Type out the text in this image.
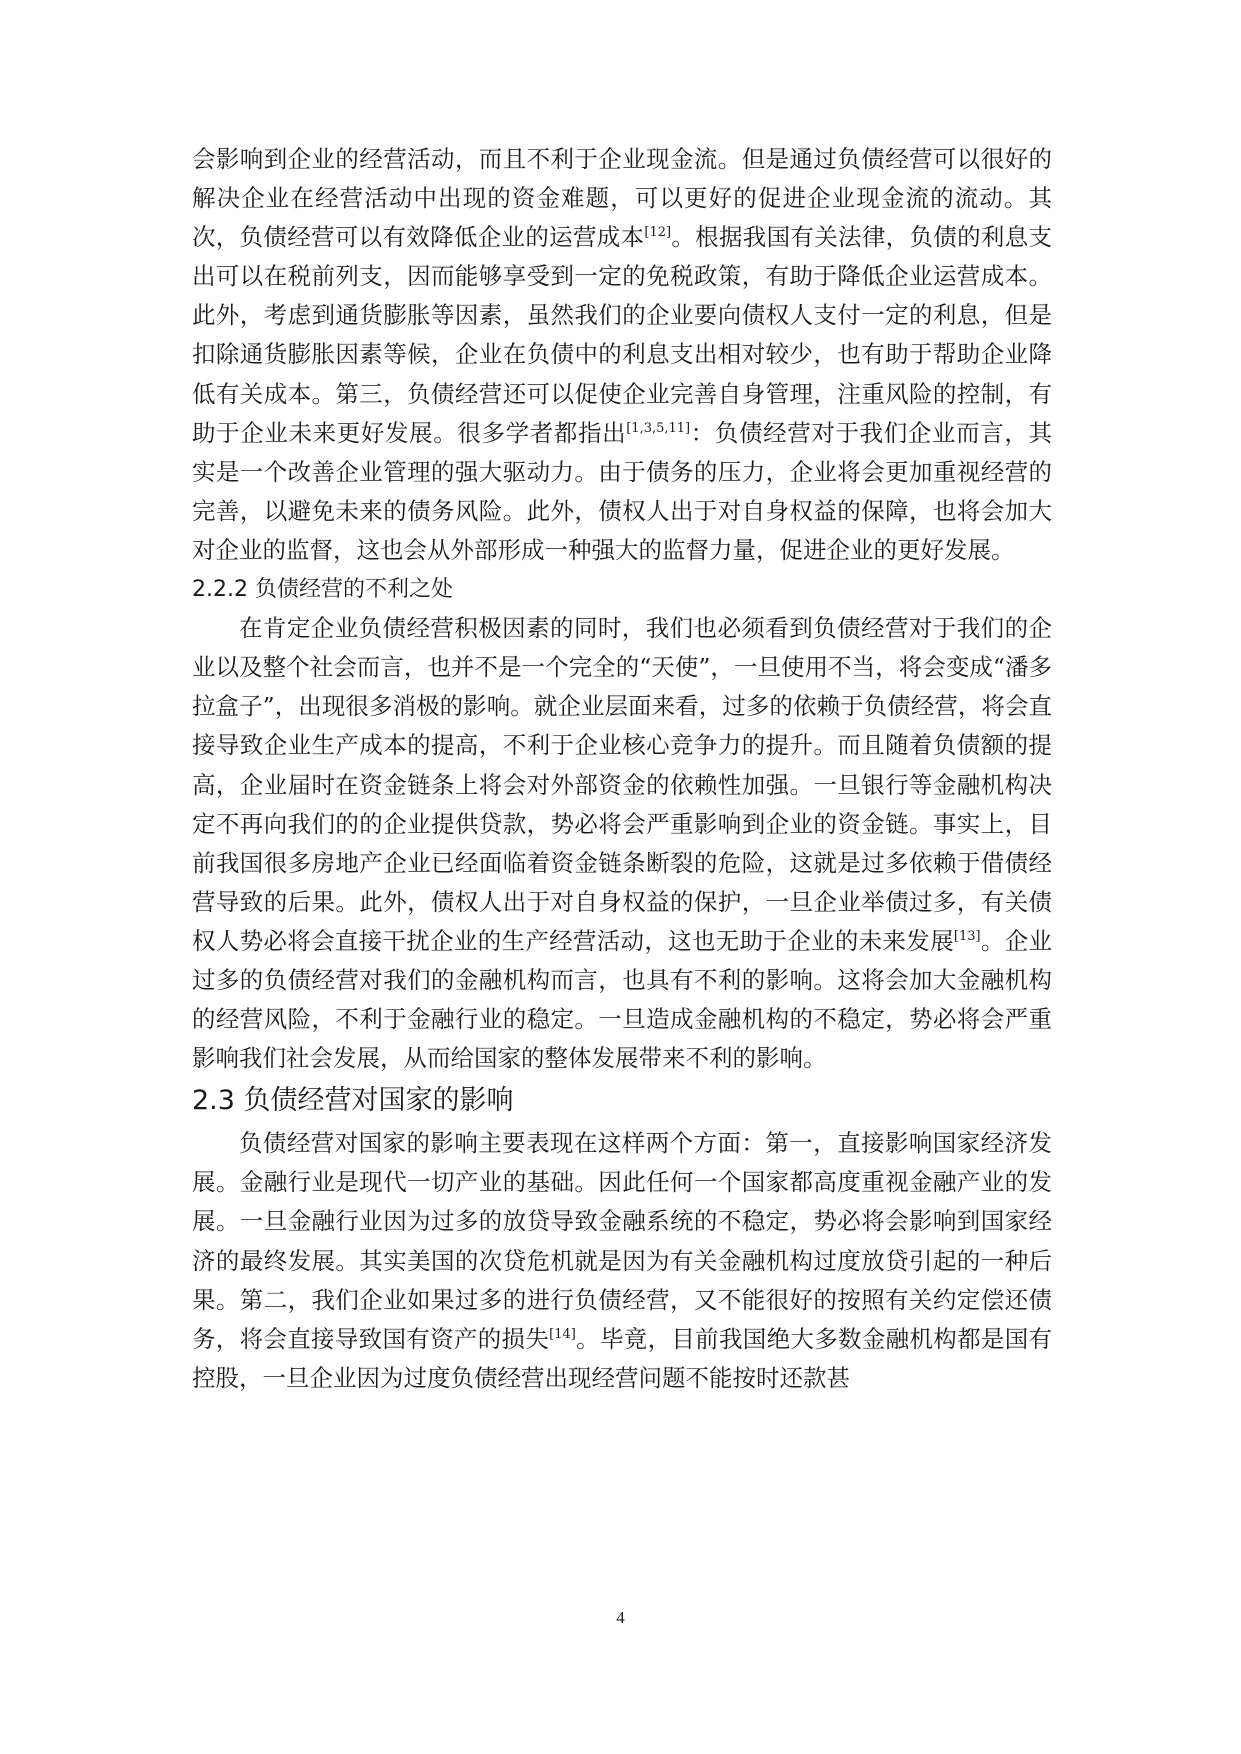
会影响到企业的经营活动，而且不利于企业现金流。但是通过负债经营可以很好的解决企业在经营活动中出现的资金难题，可以更好的促进企业现金流的流动。其次，负债经营可以有效降低企业的运营成本[12]。根据我国有关法律，负债的利息支出可以在税前列支，因而能够享受到一定的免税政策，有助于降低企业运营成本。此外，考虑到通货膨胀等因素，虽然我们的企业要向债权人支付一定的利息，但是扣除通货膨胀因素等候，企业在负债中的利息支出相对较少，也有助于帮助企业降低有关成本。第三，负债经营还可以促使企业完善自身管理，注重风险的控制，有助于企业未来更好发展。很多学者都指出[1,3,5,11]：负债经营对于我们企业而言，其实是一个改善企业管理的强大驱动力。由于债务的压力，企业将会更加重视经营的完善，以避免未来的债务风险。此外，债权人出于对自身权益的保障，也将会加大对企业的监督，这也会从外部形成一种强大的监督力量，促进企业的更好发展。

2.2.2 负债经营的不利之处

在肯定企业负债经营积极因素的同时，我们也必须看到负债经营对于我们的企业以及整个社会而言，也并不是一个完全的“天使”，一旦使用不当，将会变成“潘多拉盒子”，出现很多消极的影响。就企业层面来看，过多的依赖于负债经营，将会直接导致企业生产成本的提高，不利于企业核心竞争力的提升。而且随着负债额的提高，企业届时在资金链条上将会对外部资金的依赖性加强。一旦银行等金融机构决定不再向我们的的企业提供贷款，势必将会严重影响到企业的资金链。事实上，目前我国很多房地产企业已经面临着资金链条断裂的危险，这就是过多依赖于借债经营导致的后果。此外，债权人出于对自身权益的保护，一旦企业举债过多，有关债权人势必将会直接干扰企业的生产经营活动，这也无助于企业的未来发展[13]。企业过多的负债经营对我们的金融机构而言，也具有不利的影响。这将会加大金融机构的经营风险，不利于金融行业的稳定。一旦造成金融机构的不稳定，势必将会严重影响我们社会发展，从而给国家的整体发展带来不利的影响。

2.3 负债经营对国家的影响

负债经营对国家的影响主要表现在这样两个方面：第一，直接影响国家经济发展。金融行业是现代一切产业的基础。因此任何一个国家都高度重视金融产业的发展。一旦金融行业因为过多的放贷导致金融系统的不稳定，势必将会影响到国家经济的最终发展。其实美国的次贷危机就是因为有关金融机构过度放贷引起的一种后果。第二，我们企业如果过多的进行负债经营，又不能很好的按照有关约定偿还债务，将会直接导致国有资产的损失[14]。毕竟，目前我国绝大多数金融机构都是国有控股，一旦企业因为过度负债经营出现经营问题不能按时还款甚

4
